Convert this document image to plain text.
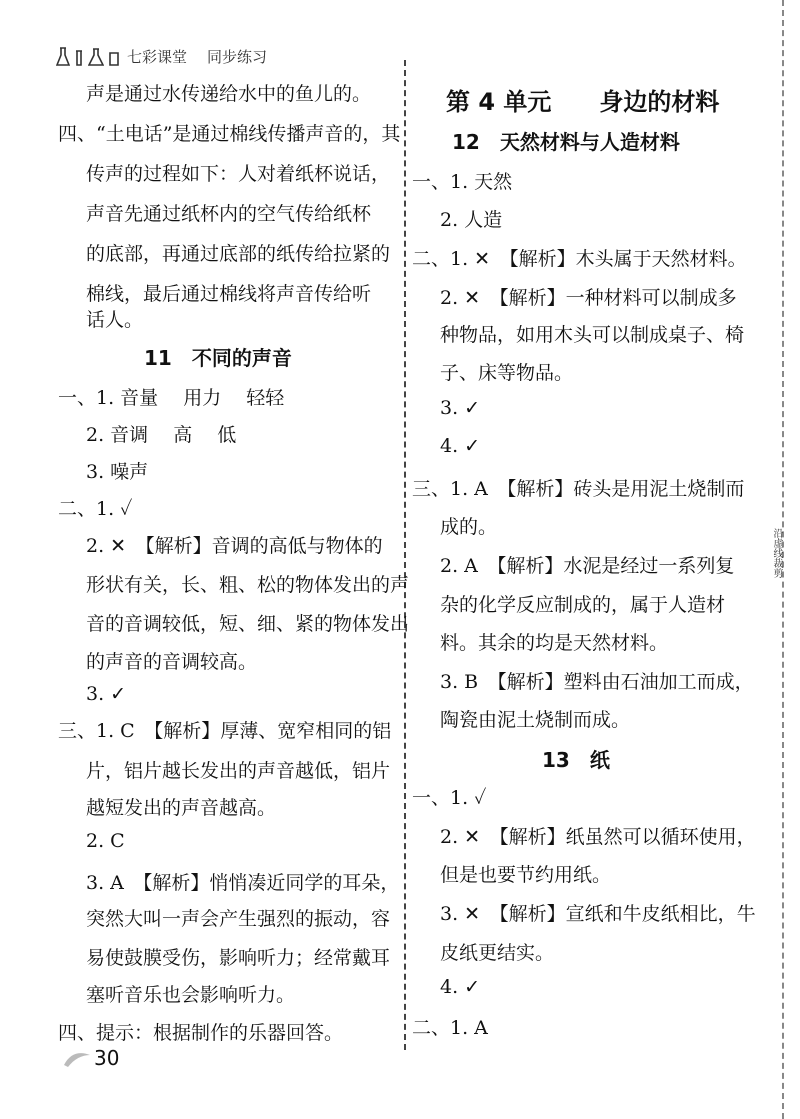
七彩课堂 同步练习
声是通过水传递给水中的鱼儿的。
四、“土电话”是通过棉线传播声音的，其
传声的过程如下：人对着纸杯说话，
声音先通过纸杯内的空气传给纸杯
的底部，再通过底部的纸传给拉紧的
棉线，最后通过棉线将声音传给听
话人。
11　不同的声音
一、1. 音量　 用力　 轻轻
2. 音调　 高　 低
3. 噪声
二、1. ✓
2. ✕　【解析】音调的高低与物体的
形状有关，长、粗、松的物体发出的声
音的音调较低，短、细、紧的物体发出
的声音的音调较高。
3. ✓
三、1. C　【解析】厚薄、宽窄相同的铝
片，铝片越长发出的声音越低，铝片
越短发出的声音越高。
2. C
3. A　【解析】悄悄凑近同学的耳朵，
突然大叫一声会产生强烈的振动，容
易使鼓膜受伤，影响听力；经常戴耳
塞听音乐也会影响听力。
四、提示：根据制作的乐器回答。
第 4 单元　　身边的材料
12　天然材料与人造材料
一、1. 天然
2. 人造
二、1. ✕　【解析】木头属于天然材料。
2. ✕　【解析】一种材料可以制成多
种物品，如用木头可以制成桌子、椅
子、床等物品。
3. ✓
4. ✓
三、1. A　【解析】砖头是用泥土烧制而
成的。
2. A　【解析】水泥是经过一系列复
杂的化学反应制成的，属于人造材
料。其余的均是天然材料。
3. B　【解析】塑料由石油加工而成，
陶瓷由泥土烧制而成。
13　纸
一、1. ✓
2. ✕　【解析】纸虽然可以循环使用，
但是也要节约用纸。
3. ✕　【解析】宣纸和牛皮纸相比，牛
皮纸更结实。
4. ✓
二、1. A
沿虚线裁剪
30
